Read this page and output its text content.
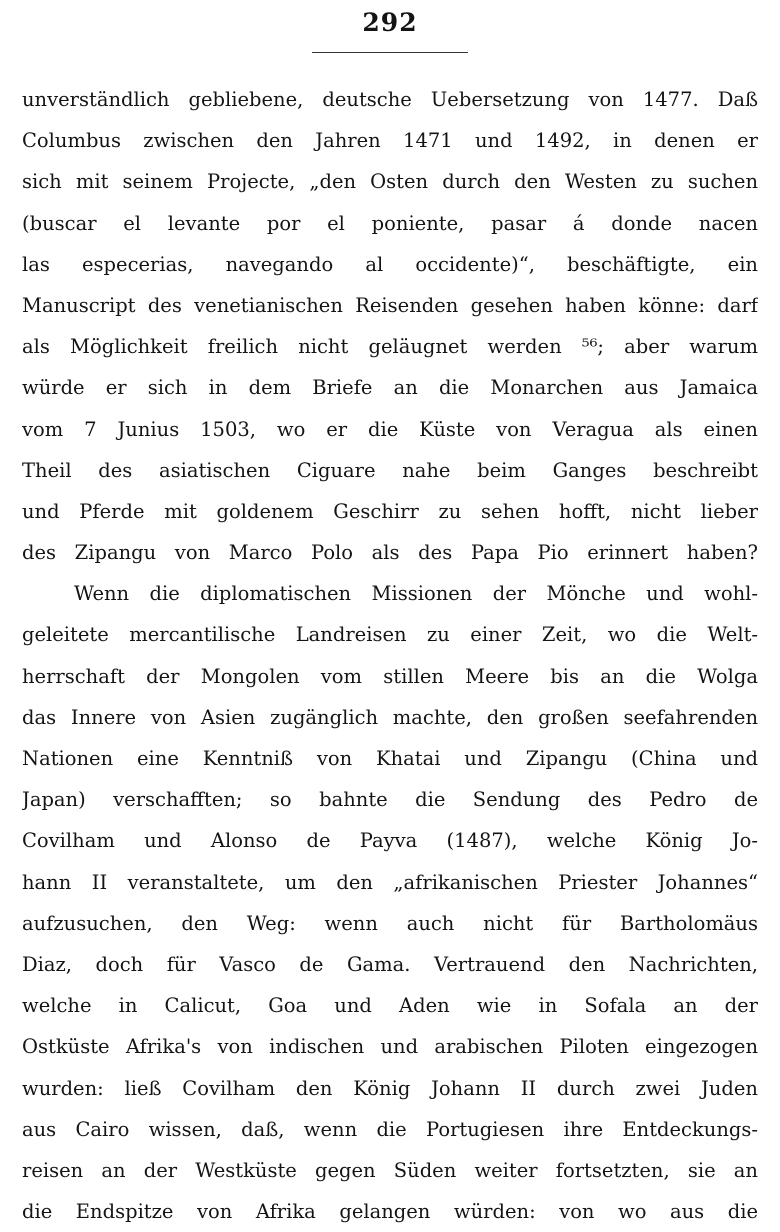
292
unverständlich gebliebene, deutsche Uebersetzung von 1477. Daß
Columbus zwischen den Jahren 1471 und 1492, in denen er
sich mit seinem Projecte, „den Osten durch den Westen zu suchen
(buscar el levante por el poniente, pasar á donde nacen
las especerias, navegando al occidente)“, beschäftigte, ein
Manuscript des venetianischen Reisenden gesehen haben könne: darf
als Möglichkeit freilich nicht geläugnet werden ⁵⁶; aber warum
würde er sich in dem Briefe an die Monarchen aus Jamaica
vom 7 Junius 1503, wo er die Küste von Veragua als einen
Theil des asiatischen Ciguare nahe beim Ganges beschreibt
und Pferde mit goldenem Geschirr zu sehen hofft, nicht lieber
des Zipangu von Marco Polo als des Papa Pio erinnert haben?
Wenn die diplomatischen Missionen der Mönche und wohl-
geleitete mercantilische Landreisen zu einer Zeit, wo die Welt-
herrschaft der Mongolen vom stillen Meere bis an die Wolga
das Innere von Asien zugänglich machte, den großen seefahrenden
Nationen eine Kenntniß von Khatai und Zipangu (China und
Japan) verschafften; so bahnte die Sendung des Pedro de
Covilham und Alonso de Payva (1487), welche König Jo-
hann II veranstaltete, um den „afrikanischen Priester Johannes“
aufzusuchen, den Weg: wenn auch nicht für Bartholomäus
Diaz, doch für Vasco de Gama. Vertrauend den Nachrichten,
welche in Calicut, Goa und Aden wie in Sofala an der
Ostküste Afrika's von indischen und arabischen Piloten eingezogen
wurden: ließ Covilham den König Johann II durch zwei Juden
aus Cairo wissen, daß, wenn die Portugiesen ihre Entdeckungs-
reisen an der Westküste gegen Süden weiter fortsetzten, sie an
die Endspitze von Afrika gelangen würden: von wo aus die
